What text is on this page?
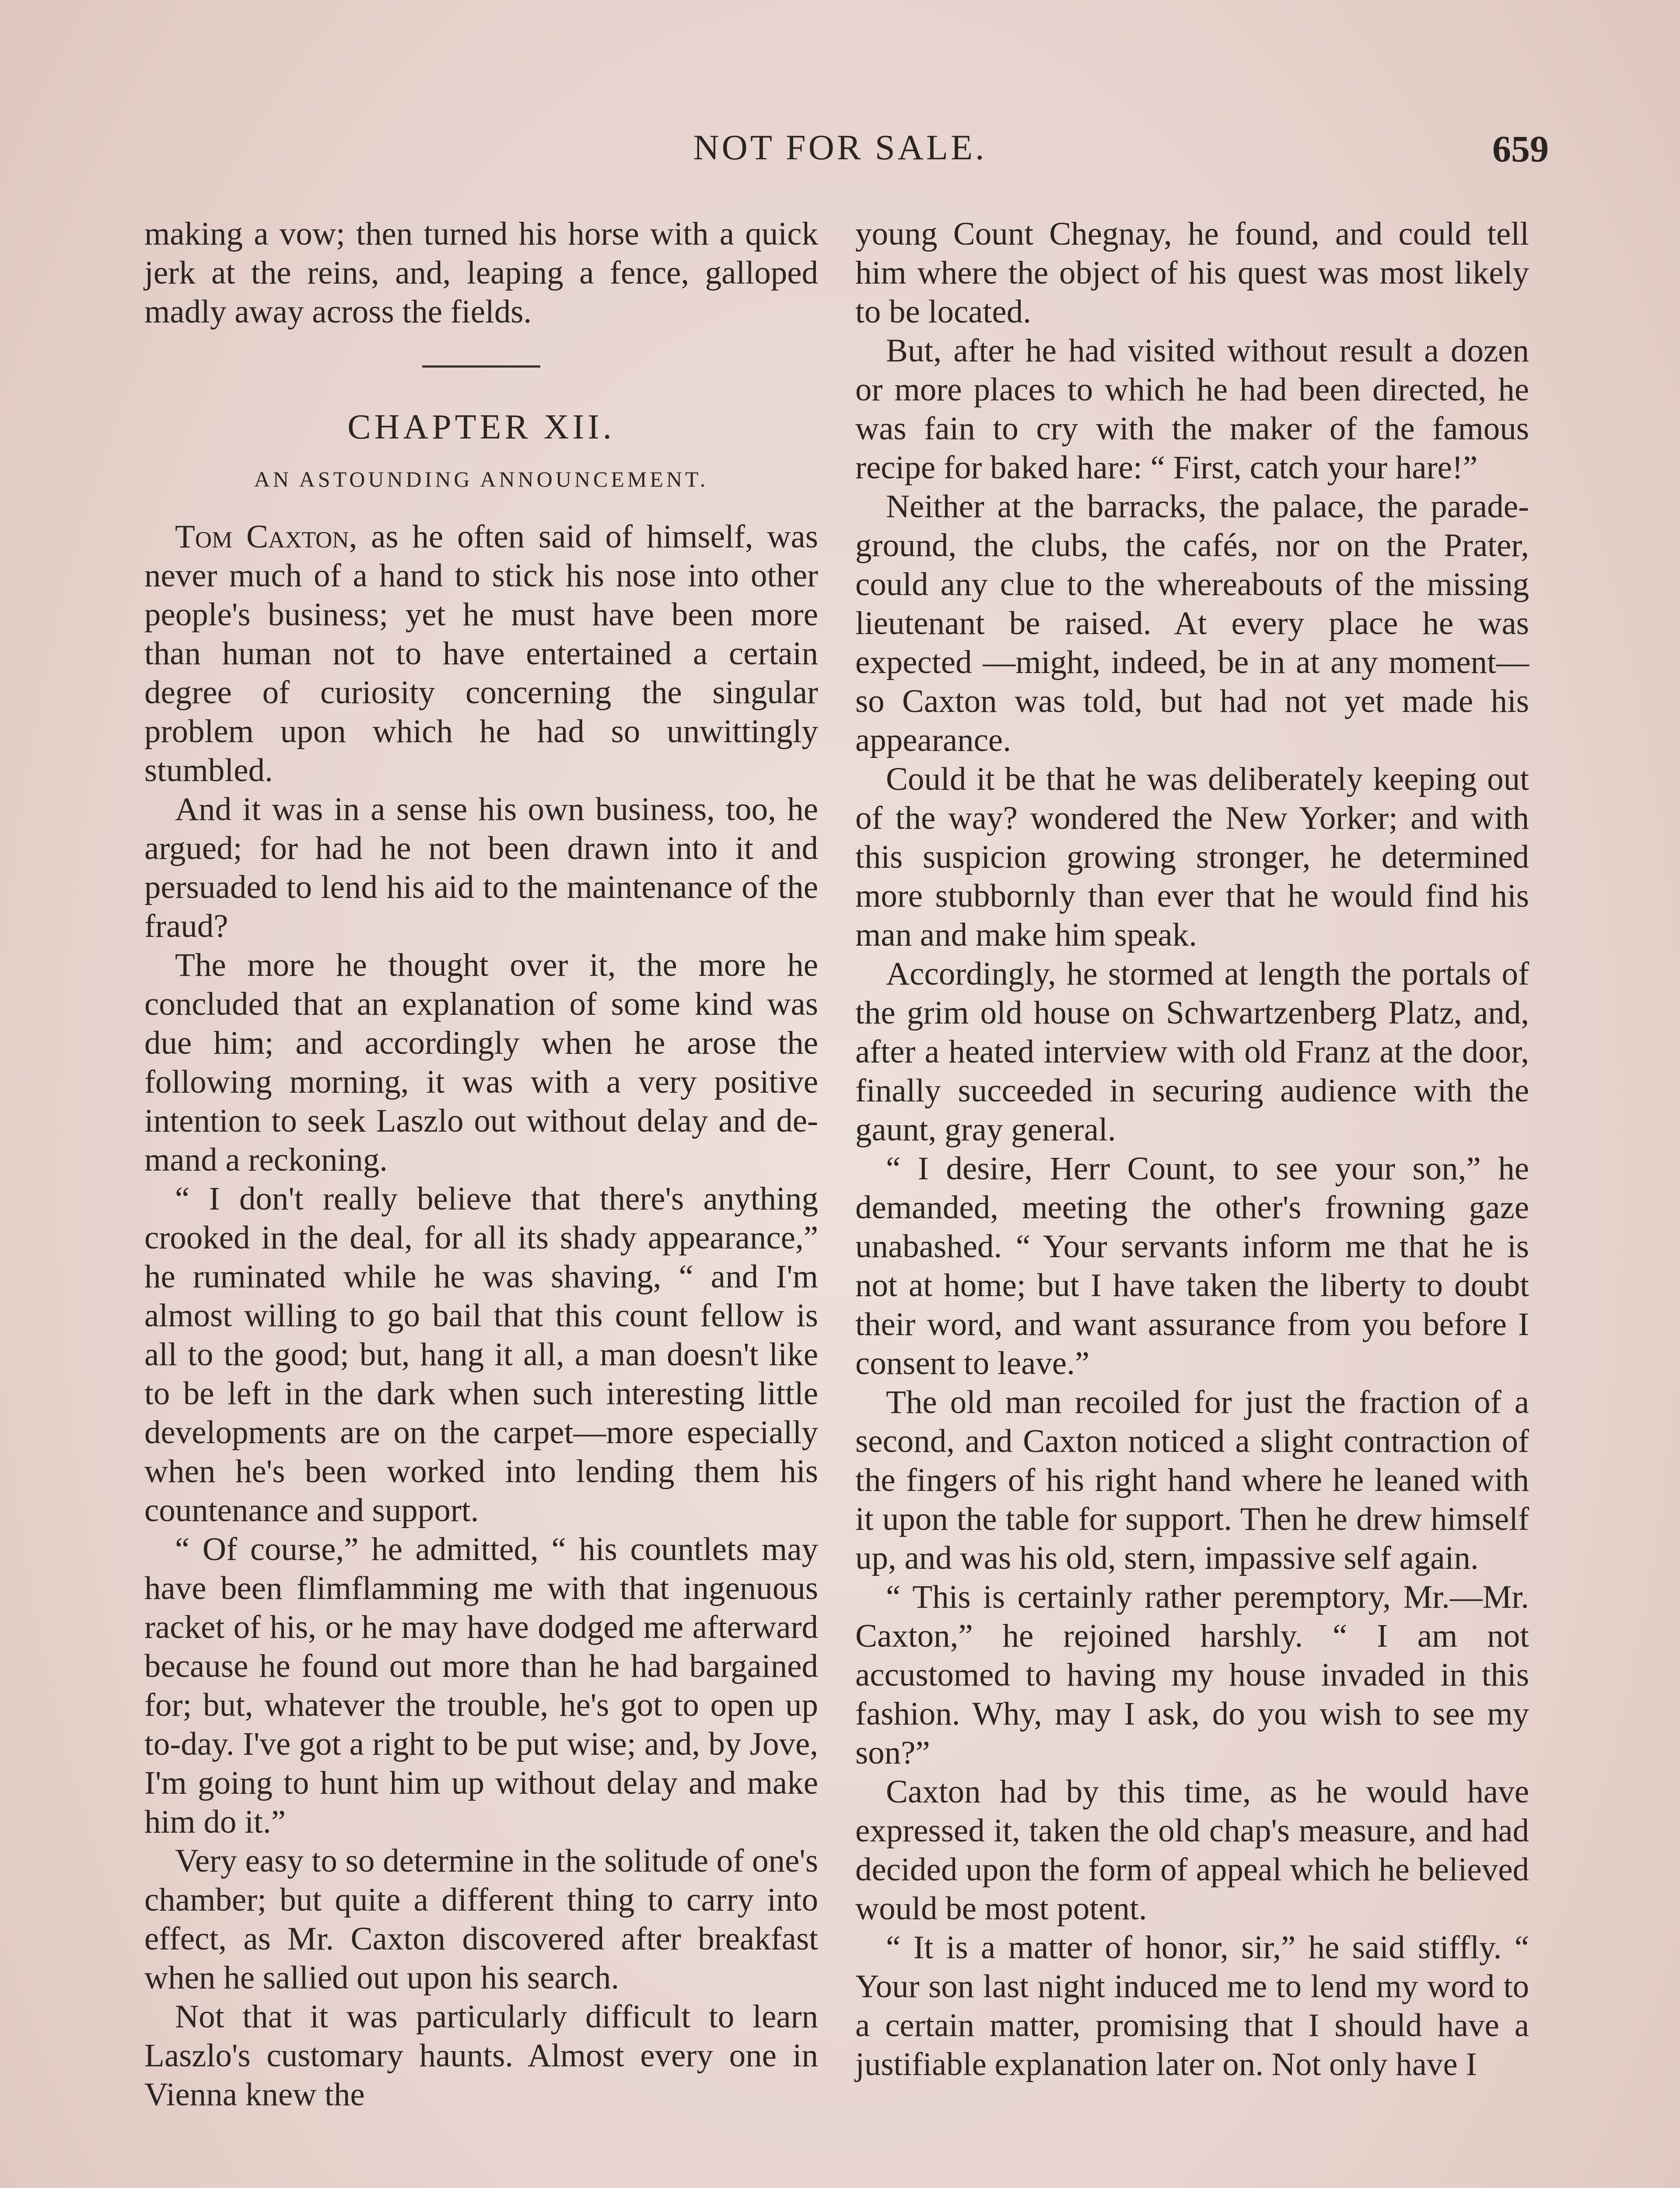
NOT FOR SALE.	659

making a vow; then turned his horse with a quick jerk at the reins, and, leaping a fence, galloped madly away across the fields.

CHAPTER XII.
AN ASTOUNDING ANNOUNCEMENT.

Tom Caxton, as he often said of himself, was never much of a hand to stick his nose into other people's business; yet he must have been more than human not to have entertained a certain degree of curiosity concerning the singular problem upon which he had so unwittingly stumbled.

And it was in a sense his own business, too, he argued; for had he not been drawn into it and persuaded to lend his aid to the maintenance of the fraud?

The more he thought over it, the more he concluded that an explanation of some kind was due him; and accordingly when he arose the following morning, it was with a very positive intention to seek Laszlo out without delay and demand a reckoning.

“ I don't really believe that there's anything crooked in the deal, for all its shady appearance,” he ruminated while he was shaving, “ and I'm almost willing to go bail that this count fellow is all to the good; but, hang it all, a man doesn't like to be left in the dark when such interesting little developments are on the carpet—more especially when he's been worked into lending them his countenance and support.

“ Of course,” he admitted, “ his countlets may have been flimflamming me with that ingenuous racket of his, or he may have dodged me afterward because he found out more than he had bargained for; but, whatever the trouble, he's got to open up to-day. I've got a right to be put wise; and, by Jove, I'm going to hunt him up without delay and make him do it.”

Very easy to so determine in the solitude of one's chamber; but quite a different thing to carry into effect, as Mr. Caxton discovered after breakfast when he sallied out upon his search.

Not that it was particularly difficult to learn Laszlo's customary haunts. Almost every one in Vienna knew the

young Count Chegnay, he found, and could tell him where the object of his quest was most likely to be located.

But, after he had visited without result a dozen or more places to which he had been directed, he was fain to cry with the maker of the famous recipe for baked hare: “ First, catch your hare!”

Neither at the barracks, the palace, the parade-ground, the clubs, the cafés, nor on the Prater, could any clue to the whereabouts of the missing lieutenant be raised. At every place he was expected —might, indeed, be in at any moment— so Caxton was told, but had not yet made his appearance.

Could it be that he was deliberately keeping out of the way? wondered the New Yorker; and with this suspicion growing stronger, he determined more stubbornly than ever that he would find his man and make him speak.

Accordingly, he stormed at length the portals of the grim old house on Schwartzenberg Platz, and, after a heated interview with old Franz at the door, finally succeeded in securing audience with the gaunt, gray general.

“ I desire, Herr Count, to see your son,” he demanded, meeting the other's frowning gaze unabashed. “ Your servants inform me that he is not at home; but I have taken the liberty to doubt their word, and want assurance from you before I consent to leave.”

The old man recoiled for just the fraction of a second, and Caxton noticed a slight contraction of the fingers of his right hand where he leaned with it upon the table for support. Then he drew himself up, and was his old, stern, impassive self again.

“ This is certainly rather peremptory, Mr.—Mr. Caxton,” he rejoined harshly. “ I am not accustomed to having my house invaded in this fashion. Why, may I ask, do you wish to see my son?”

Caxton had by this time, as he would have expressed it, taken the old chap's measure, and had decided upon the form of appeal which he believed would be most potent.

“ It is a matter of honor, sir,” he said stiffly. “ Your son last night induced me to lend my word to a certain matter, promising that I should have a justifiable explanation later on. Not only have I
